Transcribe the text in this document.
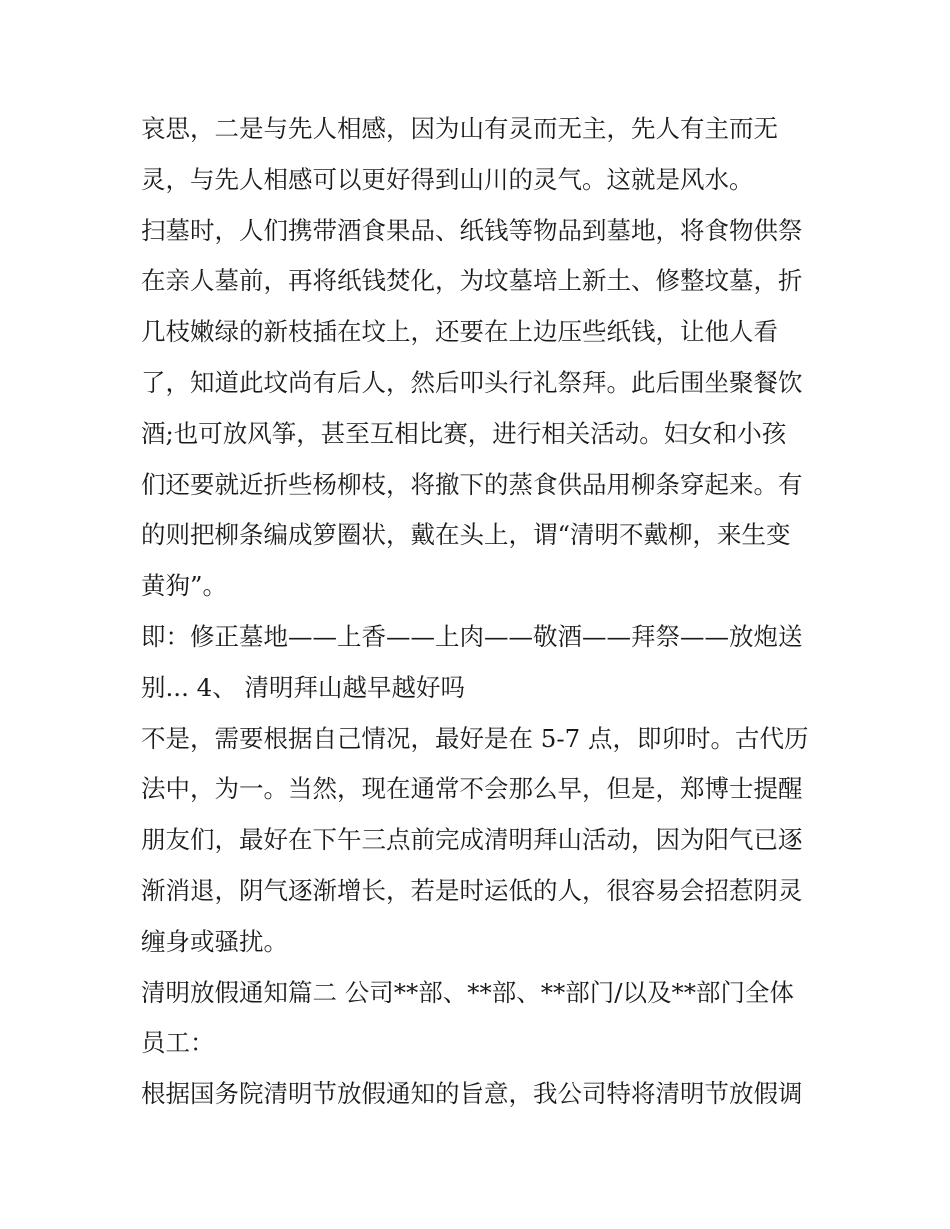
哀思，二是与先人相感，因为山有灵而无主，先人有主而无
灵，与先人相感可以更好得到山川的灵气。这就是风水。
扫墓时，人们携带酒食果品、纸钱等物品到墓地，将食物供祭
在亲人墓前，再将纸钱焚化，为坟墓培上新土、修整坟墓，折
几枝嫩绿的新枝插在坟上，还要在上边压些纸钱，让他人看
了，知道此坟尚有后人，然后叩头行礼祭拜。此后围坐聚餐饮
酒;也可放风筝，甚至互相比赛，进行相关活动。妇女和小孩
们还要就近折些杨柳枝，将撤下的蒸食供品用柳条穿起来。有
的则把柳条编成箩圈状，戴在头上，谓“清明不戴柳，来生变
黄狗”。
即：修正墓地——上香——上肉——敬酒——拜祭——放炮送
别... 4、 清明拜山越早越好吗
不是，需要根据自己情况，最好是在 5-7 点，即卯时。古代历
法中，为一。当然，现在通常不会那么早，但是，郑博士提醒
朋友们，最好在下午三点前完成清明拜山活动，因为阳气已逐
渐消退，阴气逐渐增长，若是时运低的人，很容易会招惹阴灵
缠身或骚扰。
清明放假通知篇二 公司**部、**部、**部门/以及**部门全体
员工：
根据国务院清明节放假通知的旨意，我公司特将清明节放假调
